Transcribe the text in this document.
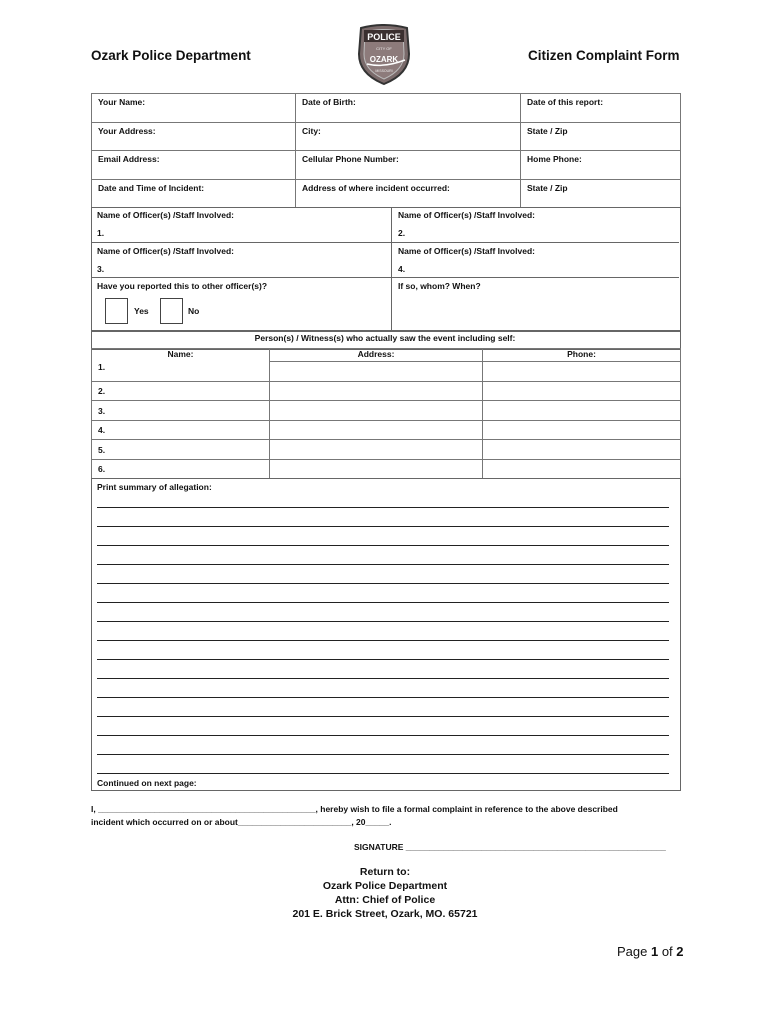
Ozark Police Department	Citizen Complaint Form
POLICE
CITY OF
OZARK
MISSOURI
Your Name:	Date of Birth:	Date of this report:

Your Address:	City:	State / Zip

Email Address:	Cellular Phone Number:	Home Phone:

Date and Time of Incident:	Address of where incident occurred:	State / Zip
Name of Officer(s) /Staff Involved:	Name of Officer(s) /Staff Involved:
1.	2.
Name of Officer(s) /Staff Involved:	Name of Officer(s) /Staff Involved:
3.	4.
Have you reported this to other officer(s)?	If so, whom? When?
Yes	No
Person(s) / Witness(s) who actually saw the event including self:
Name:	Address:	Phone:

1.		

2.		

3.		

4.		

5.		

6.		

Print summary of allegation:
Continued on next page:
I, ______________________________________________, hereby wish to file a formal complaint in reference to the above described
incident which occurred on or about________________________, 20_____.
SIGNATURE _______________________________________________________
Return to:
Ozark Police Department
Attn: Chief of Police
201 E. Brick Street, Ozark, MO. 65721
Page 1 of 2
